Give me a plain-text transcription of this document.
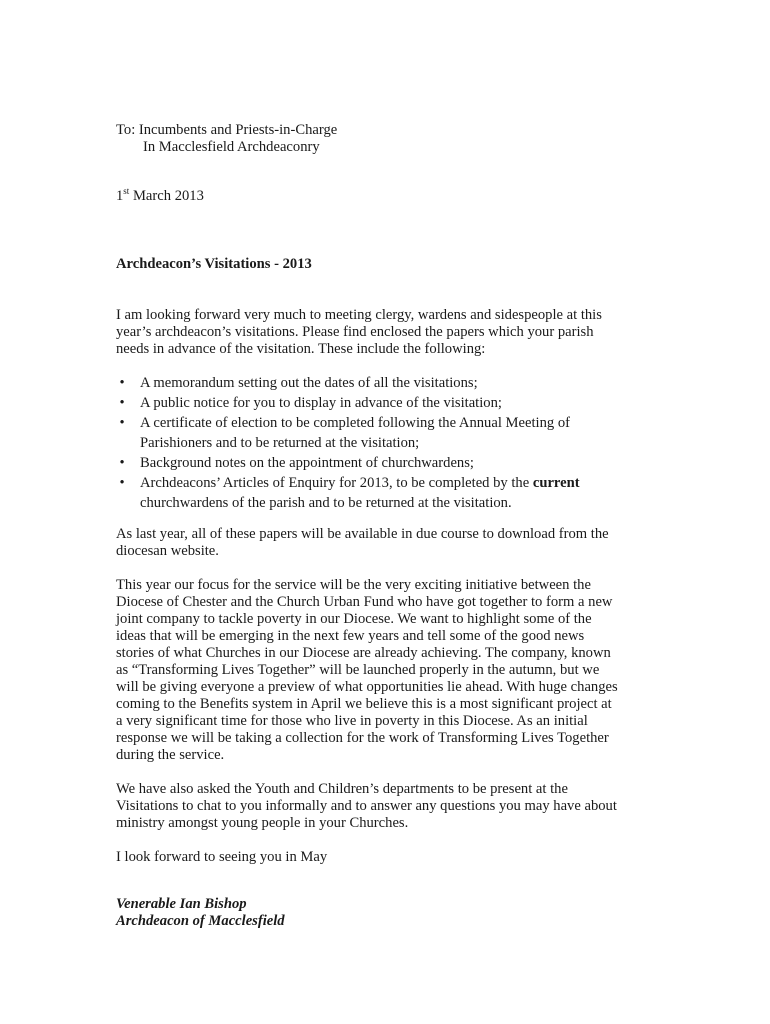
To: Incumbents and Priests-in-Charge
In Macclesfield Archdeaconry
1st March 2013
Archdeacon’s Visitations - 2013
I am looking forward very much to meeting clergy, wardens and sidespeople at this
year’s archdeacon’s visitations. Please find enclosed the papers which your parish
needs in advance of the visitation. These include the following:
• A memorandum setting out the dates of all the visitations;
• A public notice for you to display in advance of the visitation;
• A certificate of election to be completed following the Annual Meeting of
Parishioners and to be returned at the visitation;
• Background notes on the appointment of churchwardens;
• Archdeacons’ Articles of Enquiry for 2013, to be completed by the current
churchwardens of the parish and to be returned at the visitation.
As last year, all of these papers will be available in due course to download from the
diocesan website.
This year our focus for the service will be the very exciting initiative between the
Diocese of Chester and the Church Urban Fund who have got together to form a new
joint company to tackle poverty in our Diocese. We want to highlight some of the
ideas that will be emerging in the next few years and tell some of the good news
stories of what Churches in our Diocese are already achieving. The company, known
as “Transforming Lives Together” will be launched properly in the autumn, but we
will be giving everyone a preview of what opportunities lie ahead. With huge changes
coming to the Benefits system in April we believe this is a most significant project at
a very significant time for those who live in poverty in this Diocese. As an initial
response we will be taking a collection for the work of Transforming Lives Together
during the service.
We have also asked the Youth and Children’s departments to be present at the
Visitations to chat to you informally and to answer any questions you may have about
ministry amongst young people in your Churches.
I look forward to seeing you in May
Venerable Ian Bishop
Archdeacon of Macclesfield
